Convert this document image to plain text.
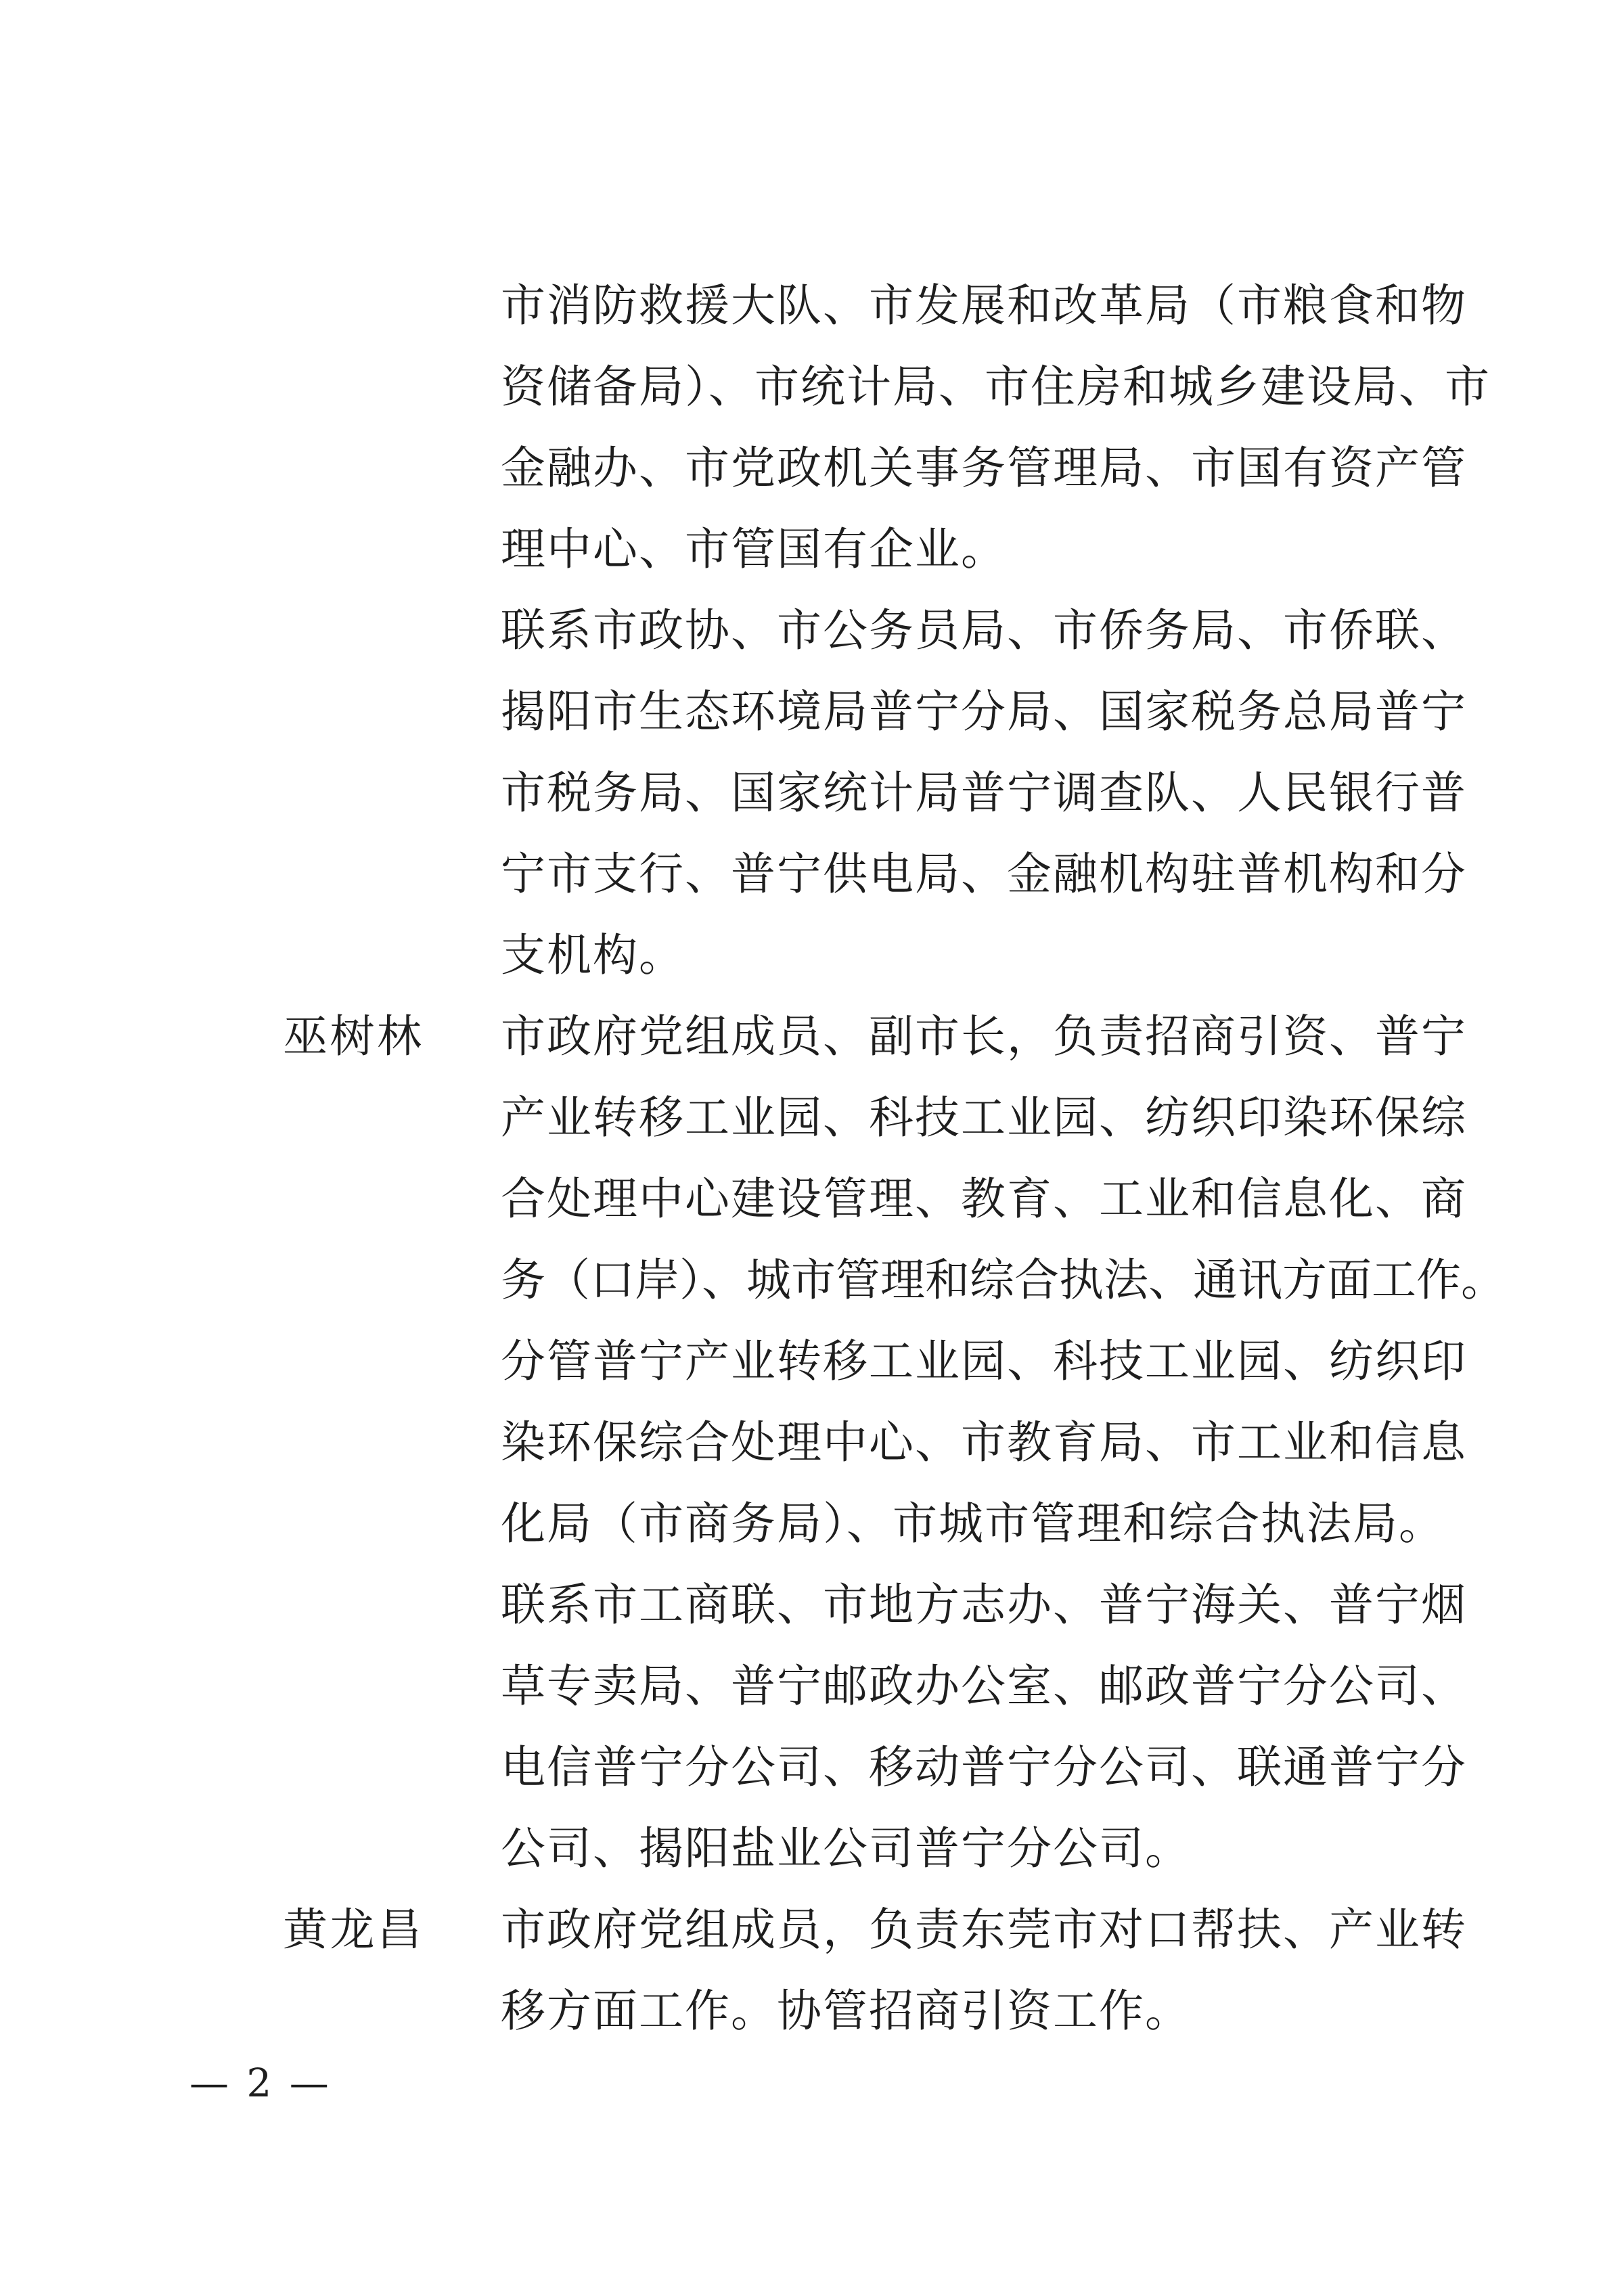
市消防救援大队、市发展和改革局（市粮食和物
资储备局）、市统计局、市住房和城乡建设局、市
金融办、市党政机关事务管理局、市国有资产管
理中心、市管国有企业。
联系市政协、市公务员局、市侨务局、市侨联、
揭阳市生态环境局普宁分局、国家税务总局普宁
市税务局、国家统计局普宁调查队、人民银行普
宁市支行、普宁供电局、金融机构驻普机构和分
支机构。
巫树林 市政府党组成员、副市长，负责招商引资、普宁
产业转移工业园、科技工业园、纺织印染环保综
合处理中心建设管理、教育、工业和信息化、商
务（口岸）、城市管理和综合执法、通讯方面工作。
分管普宁产业转移工业园、科技工业园、纺织印
染环保综合处理中心、市教育局、市工业和信息
化局（市商务局）、市城市管理和综合执法局。
联系市工商联、市地方志办、普宁海关、普宁烟
草专卖局、普宁邮政办公室、邮政普宁分公司、
电信普宁分公司、移动普宁分公司、联通普宁分
公司、揭阳盐业公司普宁分公司。
黄龙昌 市政府党组成员，负责东莞市对口帮扶、产业转
移方面工作。协管招商引资工作。
— 2 —
